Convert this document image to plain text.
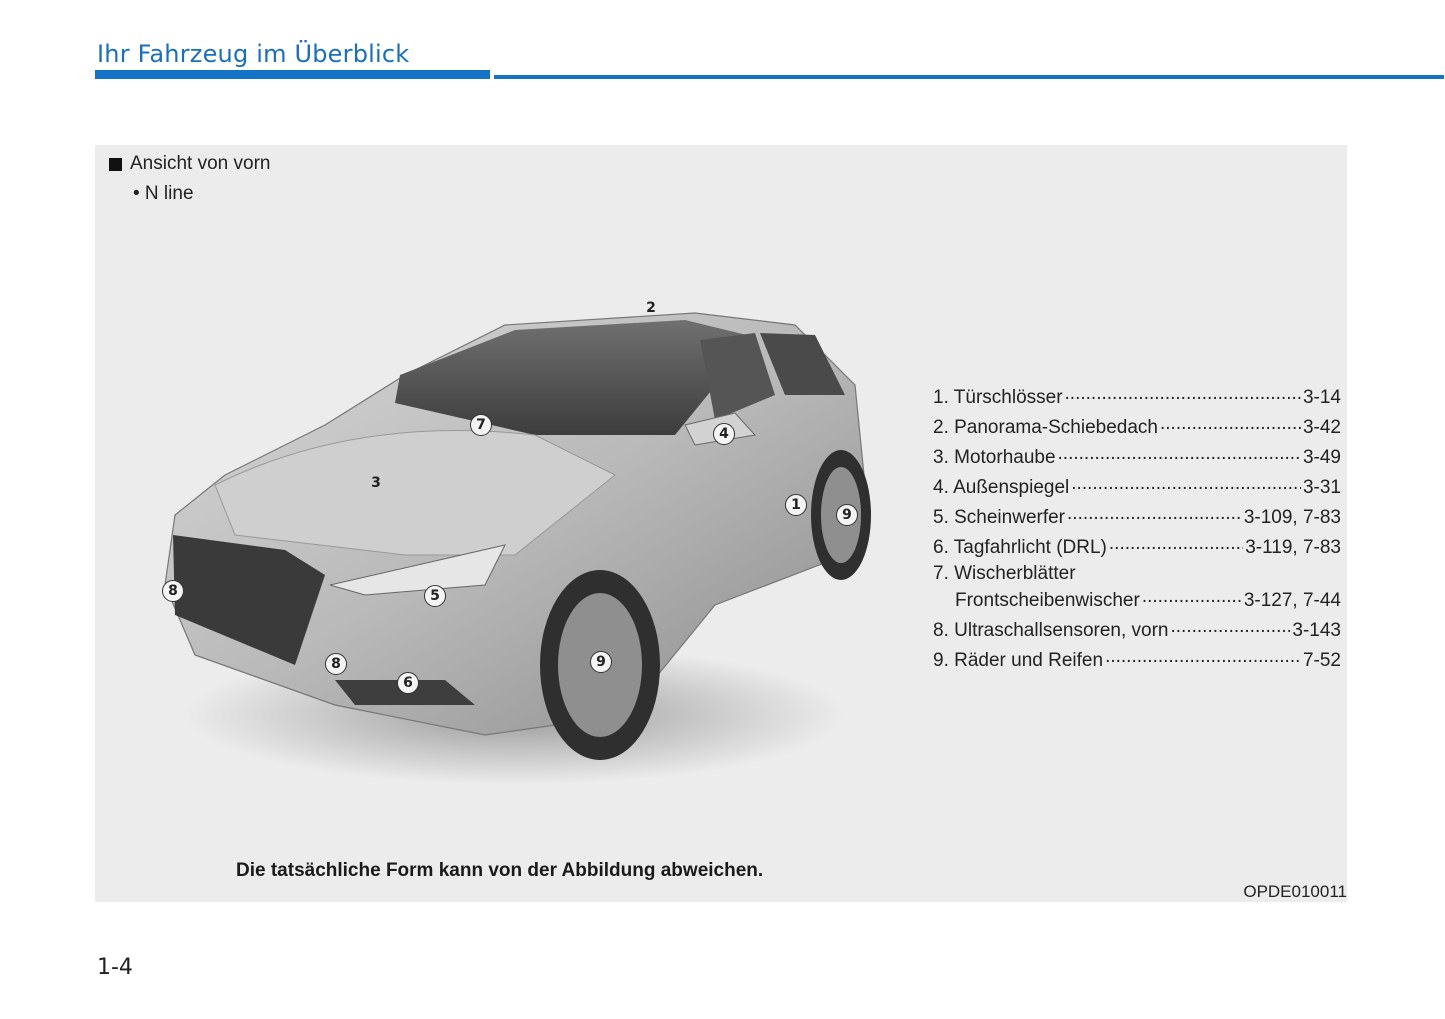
Ihr Fahrzeug im Überblick
Ansicht von vorn
• N line
2
7
4
3
1
9
8	5
9
8
6
1. Türschlösser .....	3-14
2. Panorama-Schiebedach .....	3-42
3. Motorhaube .....	3-49
4. Außenspiegel .....	3-31
5. Scheinwerfer .....	3-109, 7-83
6. Tagfahrlicht (DRL) .....	3-119, 7-83
7. Wischerblätter
Frontscheibenwischer .....	3-127, 7-44
8. Ultraschallsensoren, vorn .....	3-143
9. Räder und Reifen .....	7-52
Die tatsächliche Form kann von der Abbildung abweichen.
OPDE010011
1-4
